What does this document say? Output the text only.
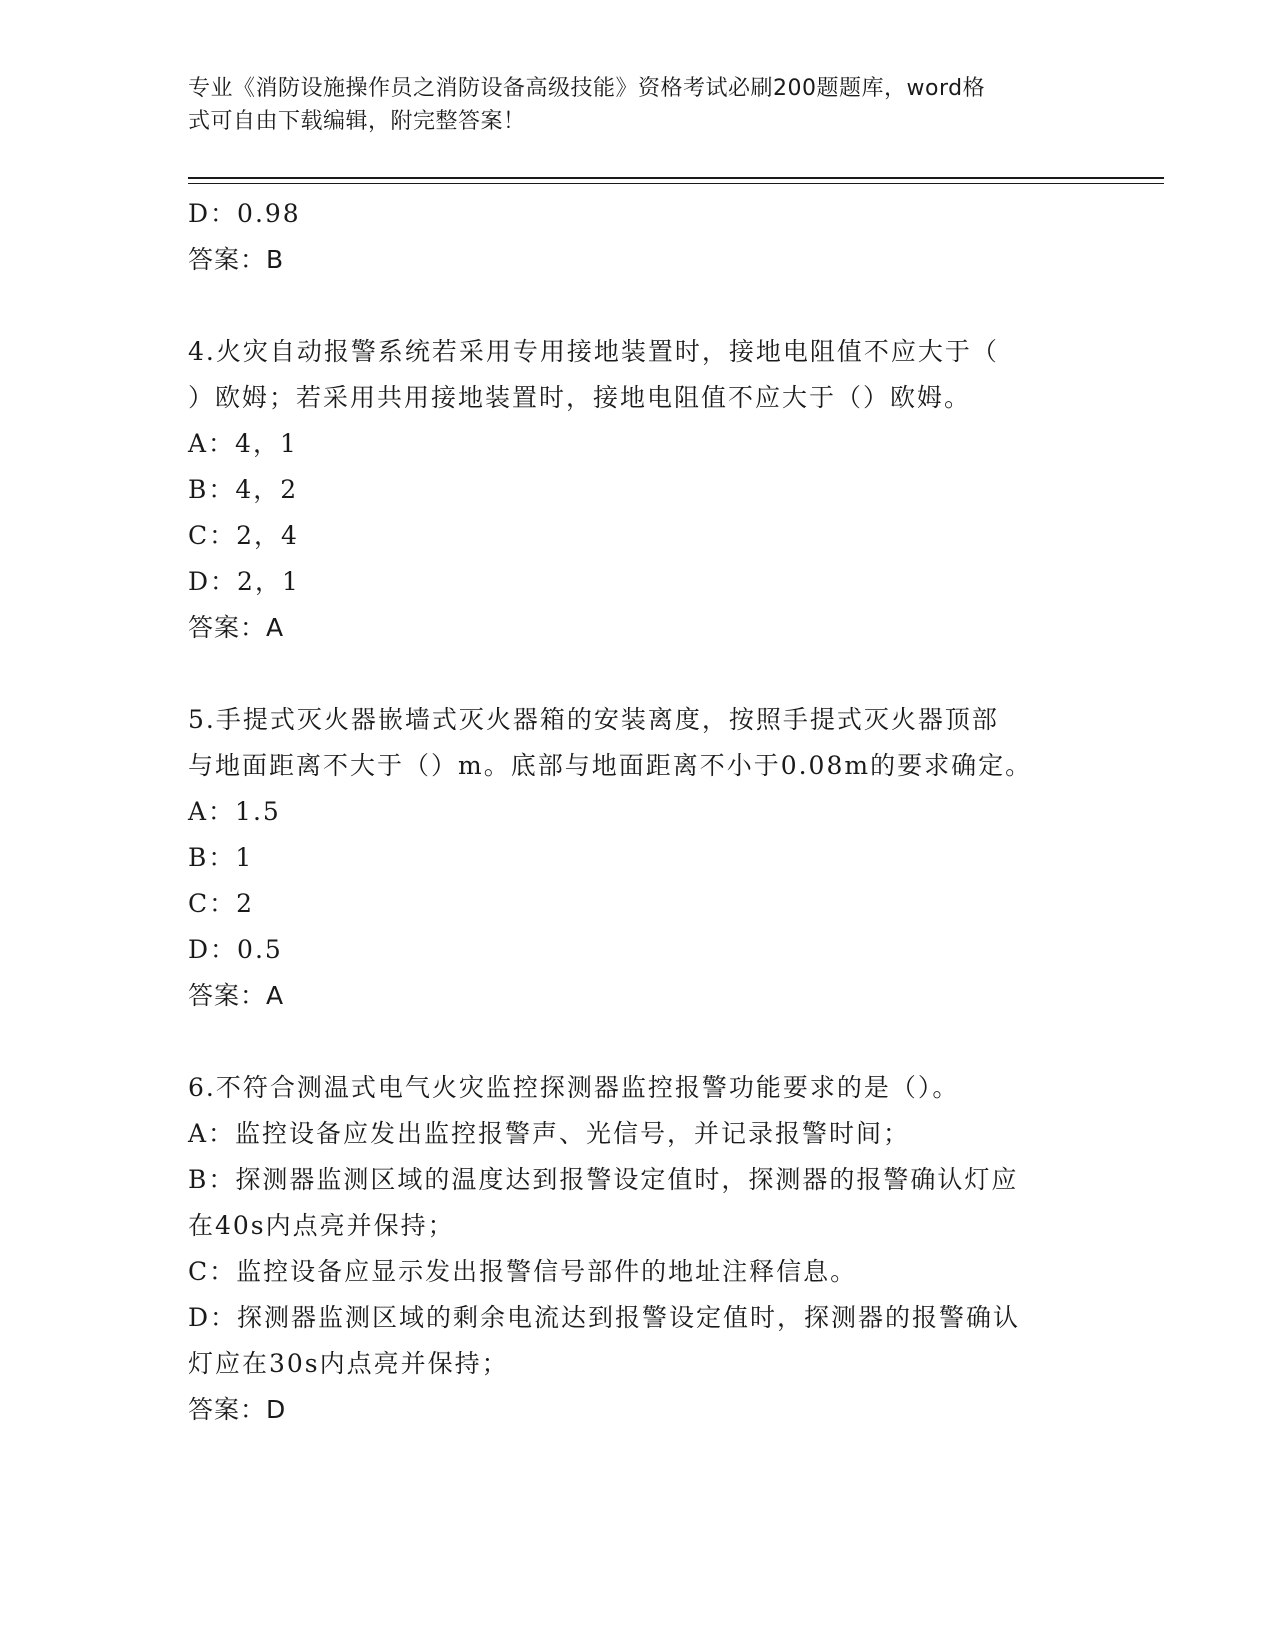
专业《消防设施操作员之消防设备高级技能》资格考试必刷200题题库，word格
式可自由下载编辑，附完整答案！
D：0.98
答案：B
4.火灾自动报警系统若采用专用接地装置时，接地电阻值不应大于（
）欧姆；若采用共用接地装置时，接地电阻值不应大于（）欧姆。
A：4，1
B：4，2
C：2，4
D：2，1
答案：A
5.手提式灭火器嵌墙式灭火器箱的安装离度，按照手提式灭火器顶部
与地面距离不大于（）m。底部与地面距离不小于0.08m的要求确定。
A：1.5
B：1
C：2
D：0.5
答案：A
6.不符合测温式电气火灾监控探测器监控报警功能要求的是（）。
A：监控设备应发出监控报警声、光信号，并记录报警时间；
B：探测器监测区域的温度达到报警设定值时，探测器的报警确认灯应
在40s内点亮并保持；
C：监控设备应显示发出报警信号部件的地址注释信息。
D：探测器监测区域的剩余电流达到报警设定值时，探测器的报警确认
灯应在30s内点亮并保持；
答案：D
